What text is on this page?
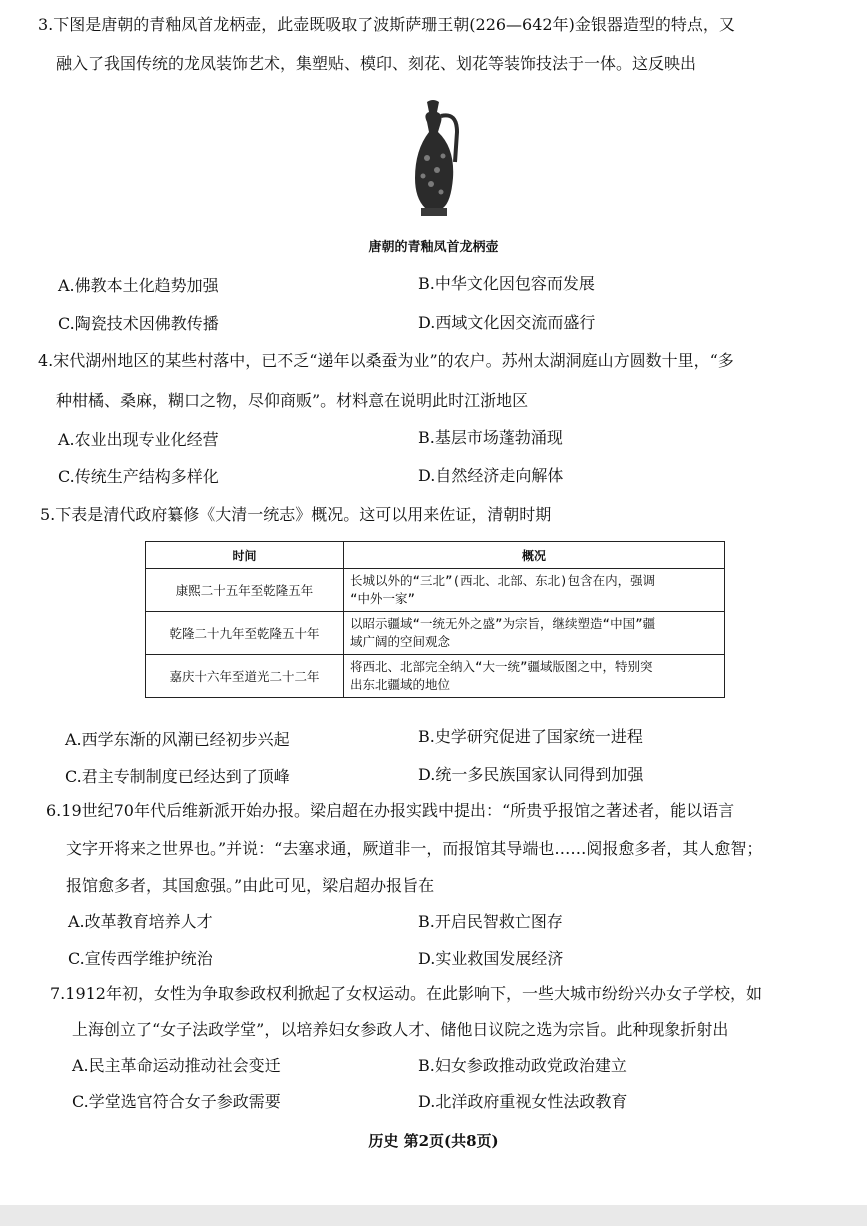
3.下图是唐朝的青釉凤首龙柄壶，此壶既吸取了波斯萨珊王朝(226—642年)金银器造型的特点，又
融入了我国传统的龙凤装饰艺术，集塑贴、模印、刻花、划花等装饰技法于一体。这反映出
唐朝的青釉凤首龙柄壶
A.佛教本土化趋势加强	B.中华文化因包容而发展
C.陶瓷技术因佛教传播	D.西域文化因交流而盛行
4.宋代湖州地区的某些村落中，已不乏“递年以桑蚕为业”的农户。苏州太湖洞庭山方圆数十里，“多
种柑橘、桑麻，糊口之物，尽仰商贩”。材料意在说明此时江浙地区
A.农业出现专业化经营	B.基层市场蓬勃涌现
C.传统生产结构多样化	D.自然经济走向解体
5.下表是清代政府纂修《大清一统志》概况。这可以用来佐证，清朝时期
时间	概况
康熙二十五年至乾隆五年	长城以外的“三北”(西北、北部、东北)包含在内，强调
“中外一家”

乾隆二十九年至乾隆五十年	以昭示疆域“一统无外之盛”为宗旨，继续塑造“中国”疆
域广阔的空间观念

嘉庆十六年至道光二十二年	将西北、北部完全纳入“大一统”疆域版图之中，特别突
出东北疆域的地位
A.西学东渐的风潮已经初步兴起	B.史学研究促进了国家统一进程
C.君主专制制度已经达到了顶峰	D.统一多民族国家认同得到加强
6.19世纪70年代后维新派开始办报。梁启超在办报实践中提出：“所贵乎报馆之著述者，能以语言
文字开将来之世界也。”并说：“去塞求通，厥道非一，而报馆其导端也……阅报愈多者，其人愈智；
报馆愈多者，其国愈强。”由此可见，梁启超办报旨在
A.改革教育培养人才	B.开启民智救亡图存
C.宣传西学维护统治	D.实业救国发展经济
7.1912年初，女性为争取参政权利掀起了女权运动。在此影响下，一些大城市纷纷兴办女子学校，如
上海创立了“女子法政学堂”，以培养妇女参政人才、储他日议院之选为宗旨。此种现象折射出
A.民主革命运动推动社会变迁	B.妇女参政推动政党政治建立
C.学堂选官符合女子参政需要	D.北洋政府重视女性法政教育
历史 第2页(共8页)
